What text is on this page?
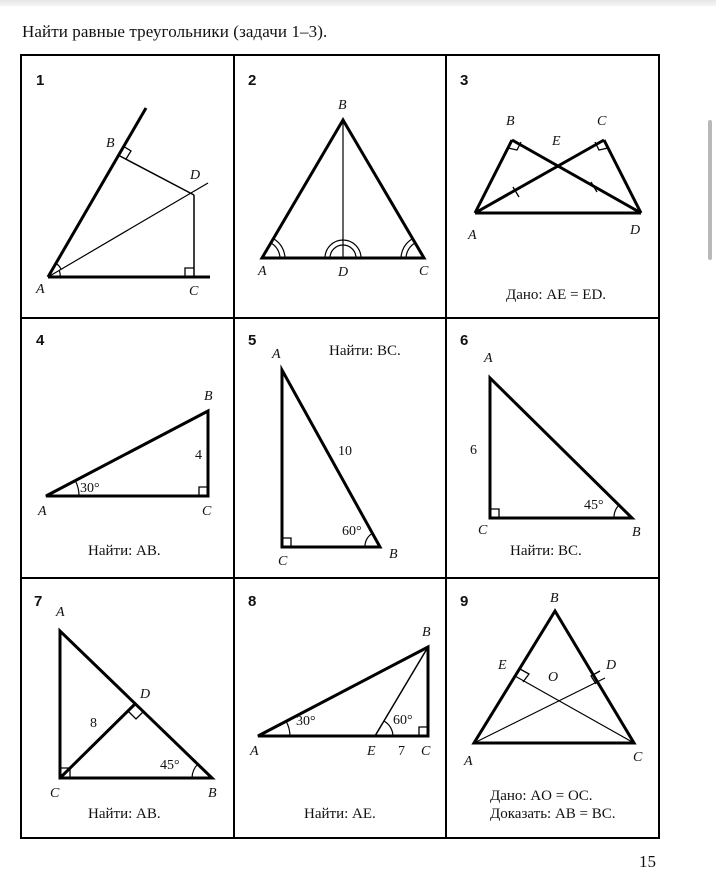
Найти равные треугольники (задачи 1–3).
1
B
D
A	C
2
B
A	D	C
3
B	C
E
A	D
Дано: AE = ED.
4
B
4
30°
A	C
Найти: AB.
5
A	Найти: BC.
10
60°
C	B
6
A
6
45°
C	B
Найти: BC.
7
A
D
8
45°
C	B
Найти: AB.
8
B
30°	60°
A	E 7 C
Найти: AE.
9	B
E
O
D
A	C
Дано: AO = OC.
Доказать: AB = BC.
15
